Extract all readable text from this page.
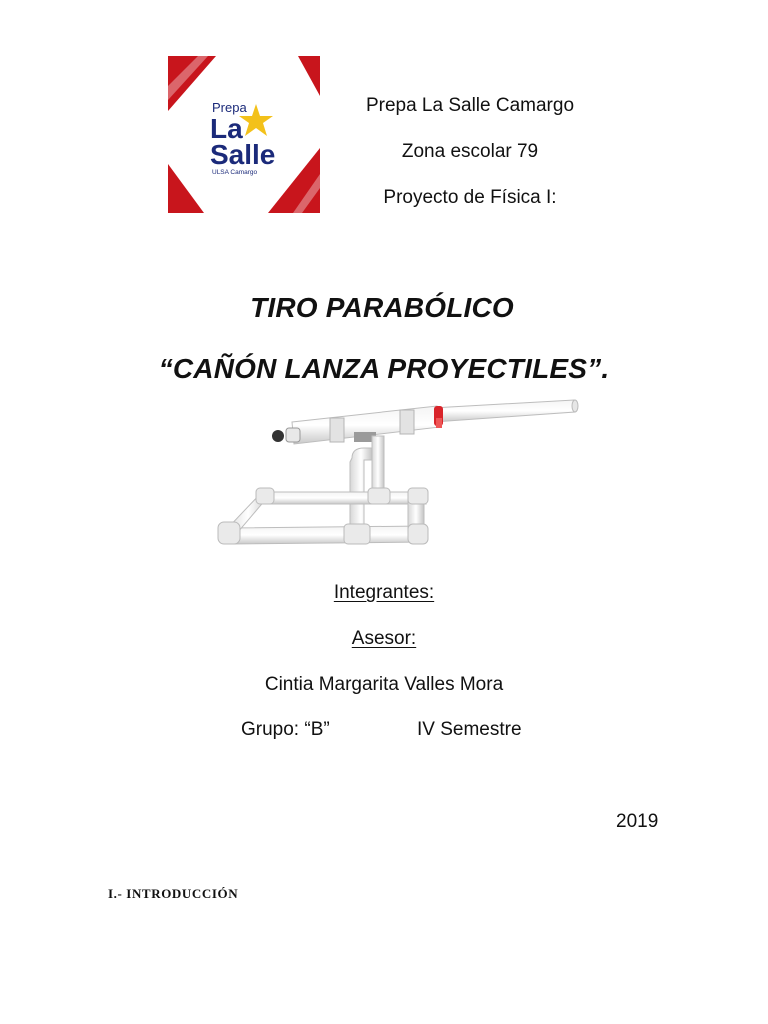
Prepa
La
Salle
ULSA Camargo
Prepa La Salle Camargo
Zona escolar 79
Proyecto de Física I:
TIRO PARABÓLICO
“CAÑÓN LANZA PROYECTILES”.
Integrantes:
Asesor:
Cintia Margarita Valles Mora
Grupo: “B”	IV Semestre
2019
I.- INTRODUCCIÓN
